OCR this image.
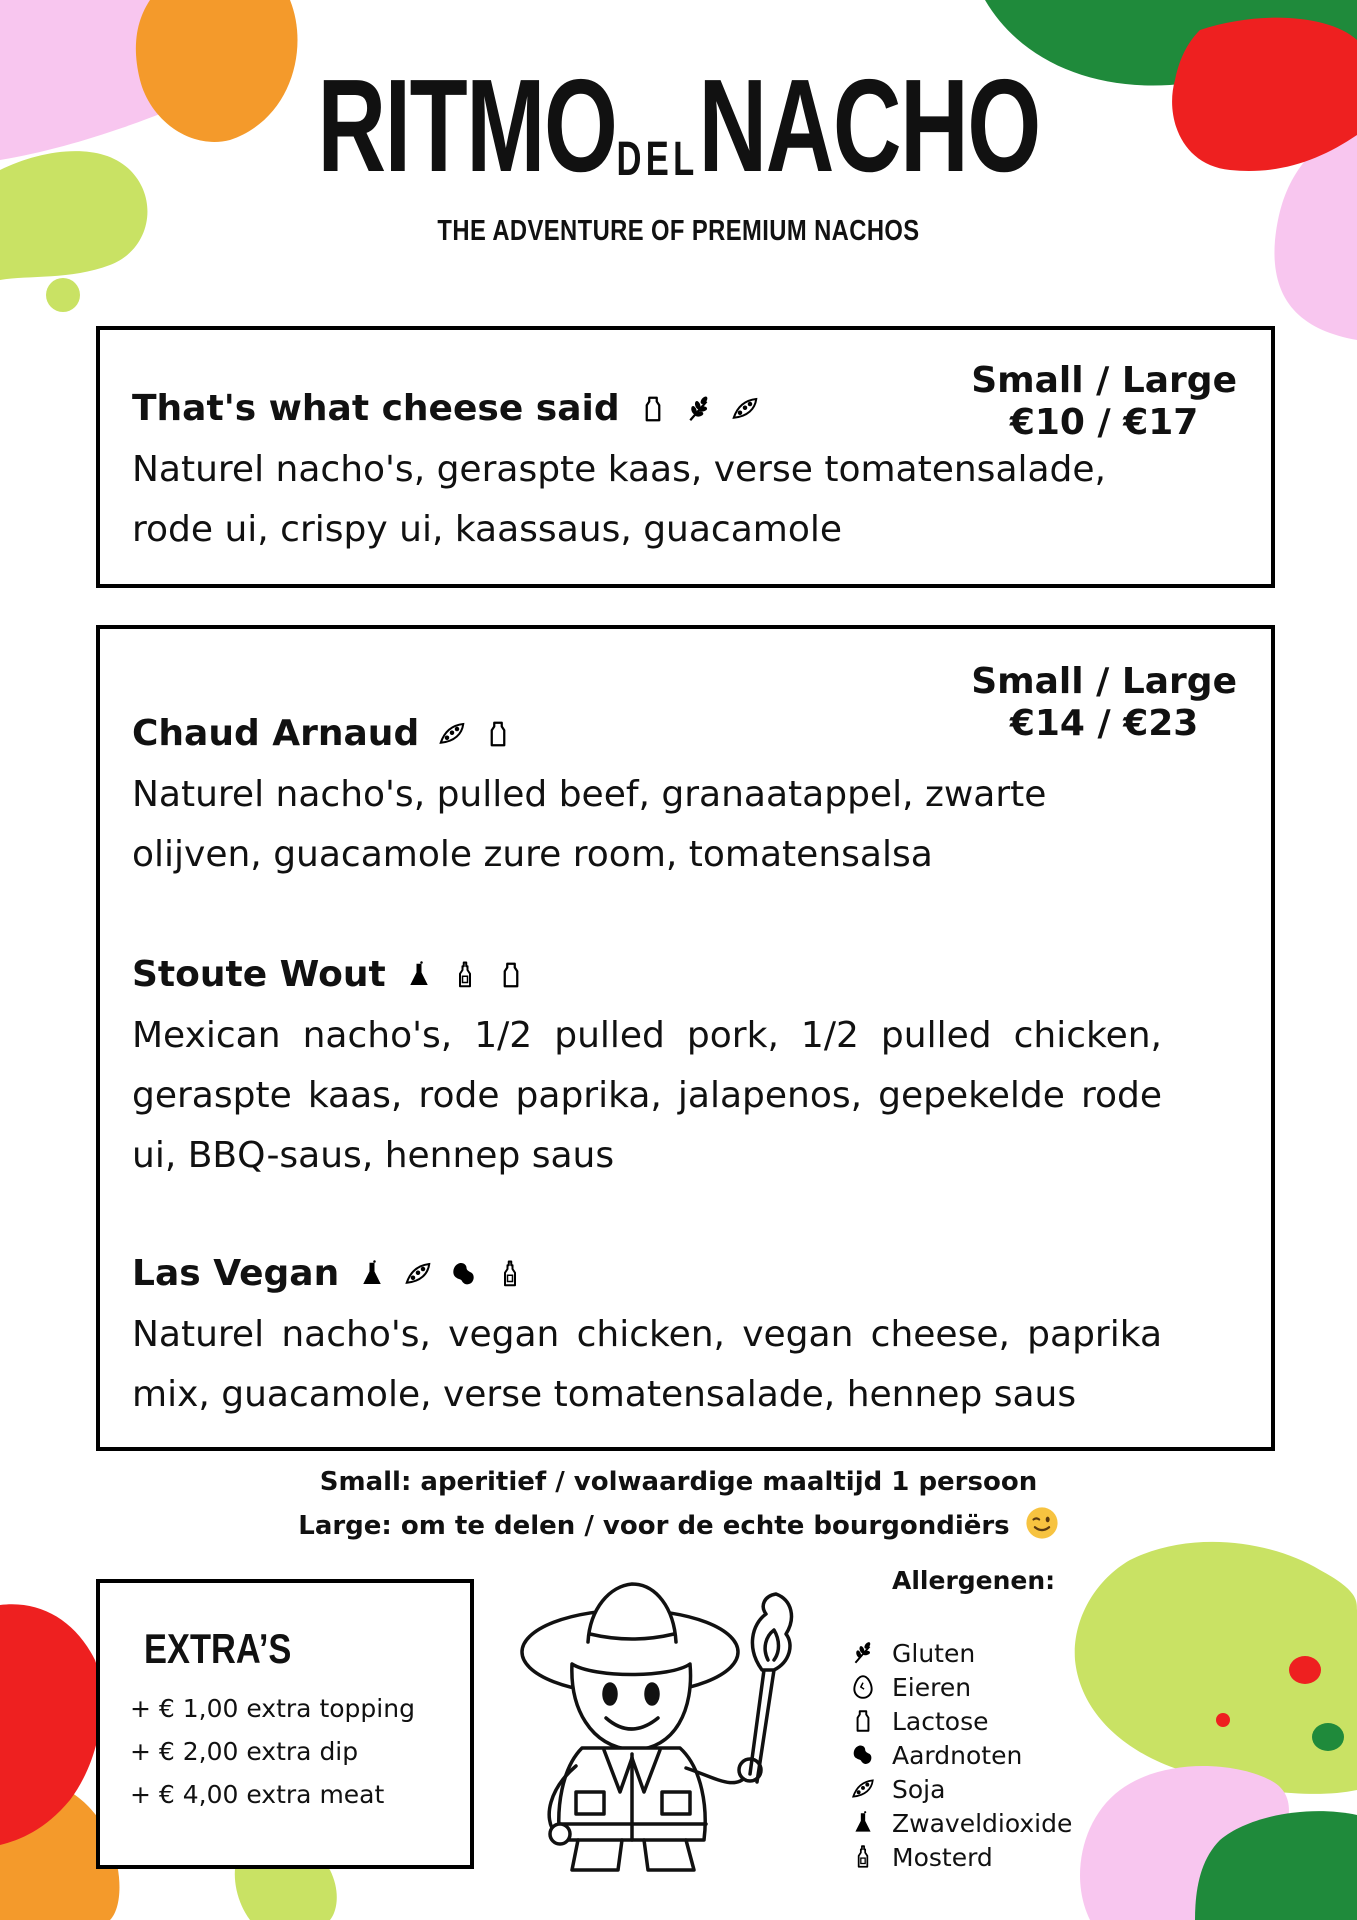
RITMODELNACHO
THE ADVENTURE OF PREMIUM NACHOS
Small / Large
€10 / €17
That's what cheese said
Naturel nacho's, geraspte kaas, verse tomatensalade, rode ui, crispy ui, kaassaus, guacamole
Small / Large
€14 / €23
Chaud Arnaud
Naturel nacho's, pulled beef, granaatappel, zwarte olijven, guacamole zure room, tomatensalsa
Stoute Wout
Mexican nacho's, 1/2 pulled pork, 1/2 pulled chicken, geraspte kaas, rode paprika, jalapenos, gepekelde rode ui, BBQ-saus, hennep saus
Las Vegan
Naturel nacho's, vegan chicken, vegan cheese, paprika mix, guacamole, verse tomatensalade, hennep saus
Small: aperitief / volwaardige maaltijd 1 persoon
Large: om te delen / voor de echte bourgondiërs
EXTRA’S
+ € 1,00 extra topping
+ € 2,00 extra dip
+ € 4,00 extra meat
Allergenen:
Gluten
Eieren
Lactose
Aardnoten
Soja
Zwaveldioxide
Mosterd
